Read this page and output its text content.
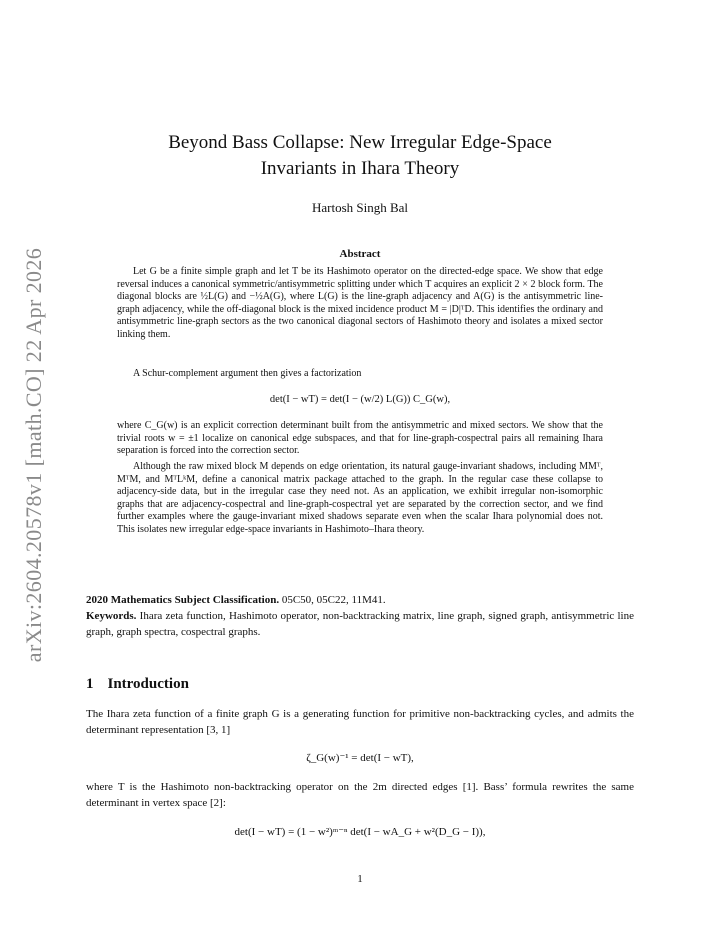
arXiv:2604.20578v1 [math.CO] 22 Apr 2026
Beyond Bass Collapse: New Irregular Edge-Space
Invariants in Ihara Theory
Hartosh Singh Bal
Abstract

Let G be a finite simple graph and let T be its Hashimoto operator on the directed-edge space. We show that edge reversal induces a canonical symmetric/antisymmetric splitting under which T acquires an explicit 2 × 2 block form. The diagonal blocks are ½L(G) and −½A(G), where L(G) is the line-graph adjacency and A(G) is the antisymmetric line-graph adjacency, while the off-diagonal block is the mixed incidence product M = |D|ᵀD. This identifies the ordinary and antisymmetric line-graph sectors as the two canonical diagonal sectors of Hashimoto theory and isolates a mixed sector linking them.

A Schur-complement argument then gives a factorization

det(I − wT) = det(I − (w/2) L(G)) C_G(w),

where C_G(w) is an explicit correction determinant built from the antisymmetric and mixed sectors. We show that the trivial roots w = ±1 localize on canonical edge subspaces, and that for line-graph-cospectral pairs all remaining Ihara separation is forced into the correction sector.

Although the raw mixed block M depends on edge orientation, its natural gauge-invariant shadows, including MMᵀ, MᵀM, and MᵀLᵏM, define a canonical matrix package attached to the graph. In the regular case these collapse to adjacency-side data, but in the irregular case they need not. As an application, we exhibit irregular non-isomorphic graphs that are adjacency-cospectral and line-graph-cospectral yet are separated by the correction sector, and we find further examples where the gauge-invariant mixed shadows separate even when the scalar Ihara polynomial does not. This isolates new irregular edge-space invariants in Hashimoto–Ihara theory.

2020 Mathematics Subject Classification. 05C50, 05C22, 11M41.

Keywords. Ihara zeta function, Hashimoto operator, non-backtracking matrix, line graph, signed graph, antisymmetric line graph, graph spectra, cospectral graphs.

1 Introduction

The Ihara zeta function of a finite graph G is a generating function for primitive non-backtracking cycles, and admits the determinant representation [3, 1]

ζ_G(w)⁻¹ = det(I − wT),

where T is the Hashimoto non-backtracking operator on the 2m directed edges [1]. Bass’ formula rewrites the same determinant in vertex space [2]:

det(I − wT) = (1 − w²)ᵐ⁻ⁿ det(I − wA_G + w²(D_G − I)),
1
